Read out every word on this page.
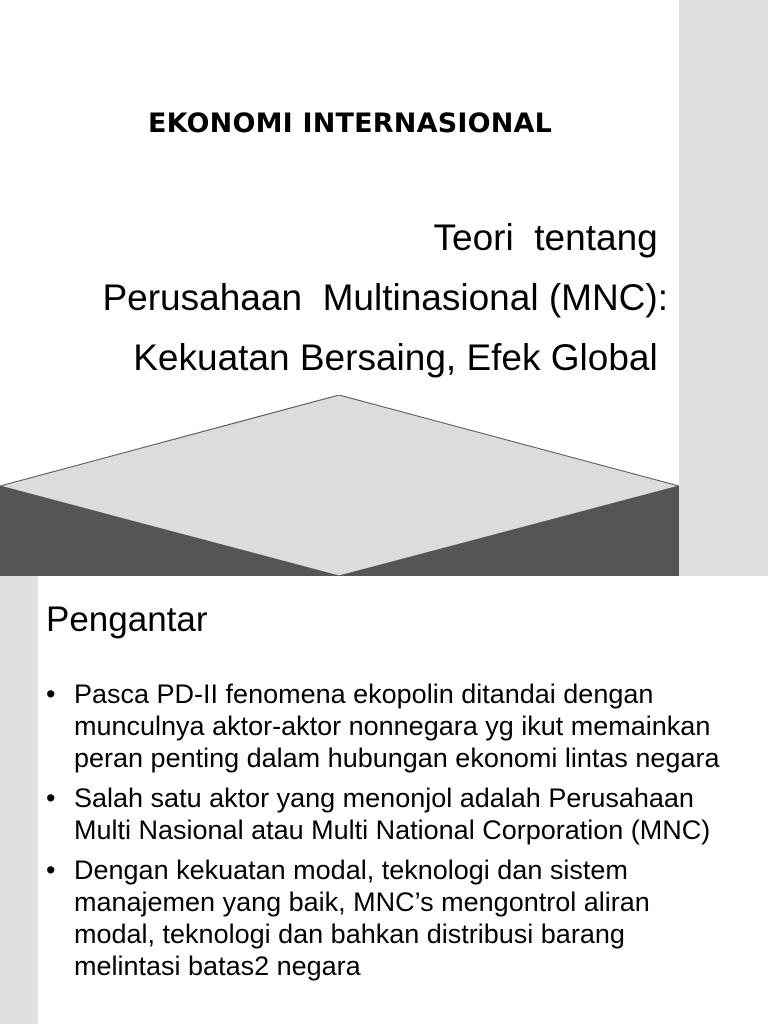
EKONOMI INTERNASIONAL
Teori  tentang
Perusahaan  Multinasional (MNC):
Kekuatan Bersaing, Efek Global
Pengantar
• Pasca PD-II fenomena ekopolin ditandai dengan munculnya aktor-aktor nonnegara yg ikut memainkan peran penting dalam hubungan ekonomi lintas negara
• Salah satu aktor yang menonjol adalah Perusahaan Multi Nasional atau Multi National Corporation (MNC)
• Dengan kekuatan modal, teknologi dan sistem manajemen yang baik, MNC’s mengontrol aliran modal, teknologi dan bahkan distribusi barang melintasi batas2 negara
